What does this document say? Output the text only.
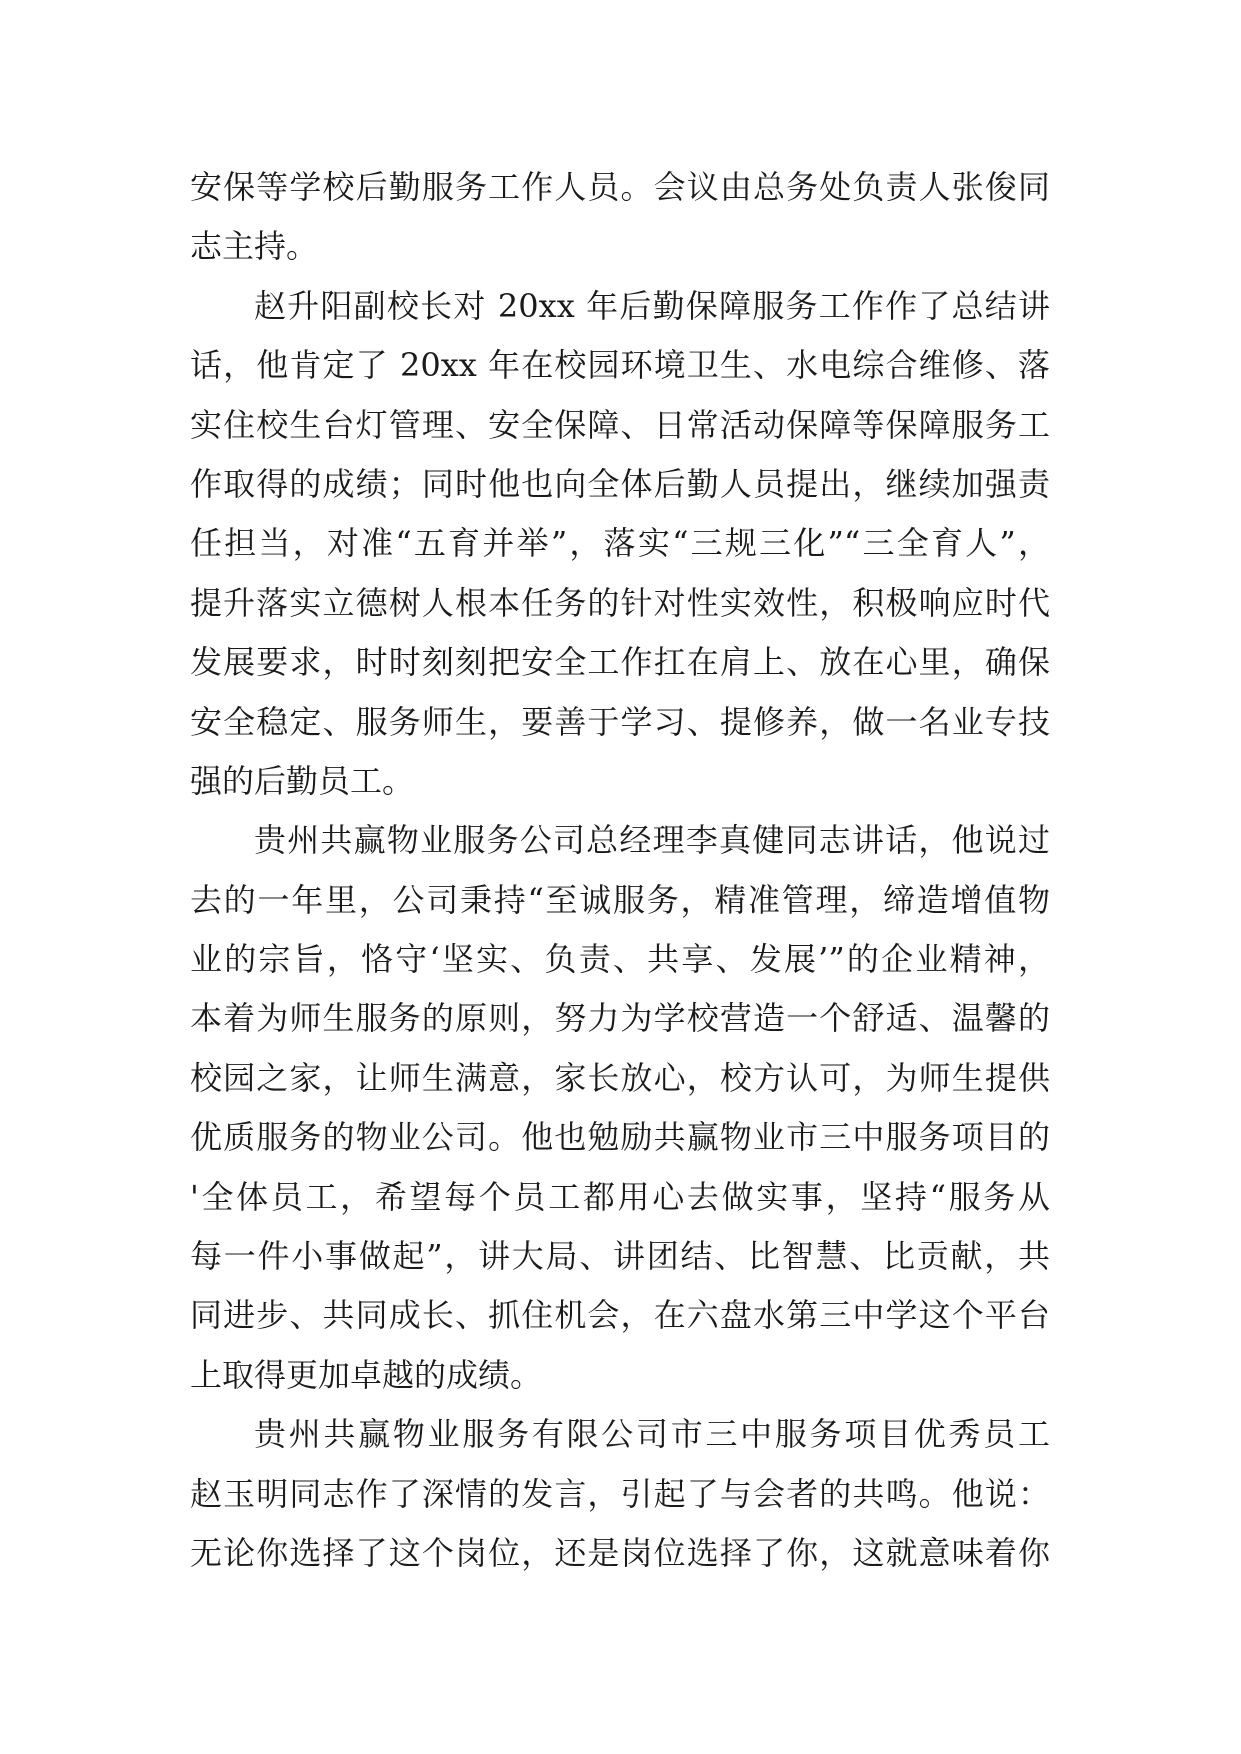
安保等学校后勤服务工作人员。会议由总务处负责人张俊同
志主持。
赵升阳副校长对 20xx 年后勤保障服务工作作了总结讲
话，他肯定了 20xx 年在校园环境卫生、水电综合维修、落
实住校生台灯管理、安全保障、日常活动保障等保障服务工
作取得的成绩；同时他也向全体后勤人员提出，继续加强责
任担当，对准“五育并举”，落实“三规三化”“三全育人”，
提升落实立德树人根本任务的针对性实效性，积极响应时代
发展要求，时时刻刻把安全工作扛在肩上、放在心里，确保
安全稳定、服务师生，要善于学习、提修养，做一名业专技
强的后勤员工。
贵州共赢物业服务公司总经理李真健同志讲话，他说过
去的一年里，公司秉持“至诚服务，精准管理，缔造增值物
业的宗旨，恪守‘坚实、负责、共享、发展’”的企业精神，
本着为师生服务的原则，努力为学校营造一个舒适、温馨的
校园之家，让师生满意，家长放心，校方认可，为师生提供
优质服务的物业公司。他也勉励共赢物业市三中服务项目的
'全体员工，希望每个员工都用心去做实事，坚持“服务从
每一件小事做起”，讲大局、讲团结、比智慧、比贡献，共
同进步、共同成长、抓住机会，在六盘水第三中学这个平台
上取得更加卓越的成绩。
贵州共赢物业服务有限公司市三中服务项目优秀员工
赵玉明同志作了深情的发言，引起了与会者的共鸣。他说：
无论你选择了这个岗位，还是岗位选择了你，这就意味着你
